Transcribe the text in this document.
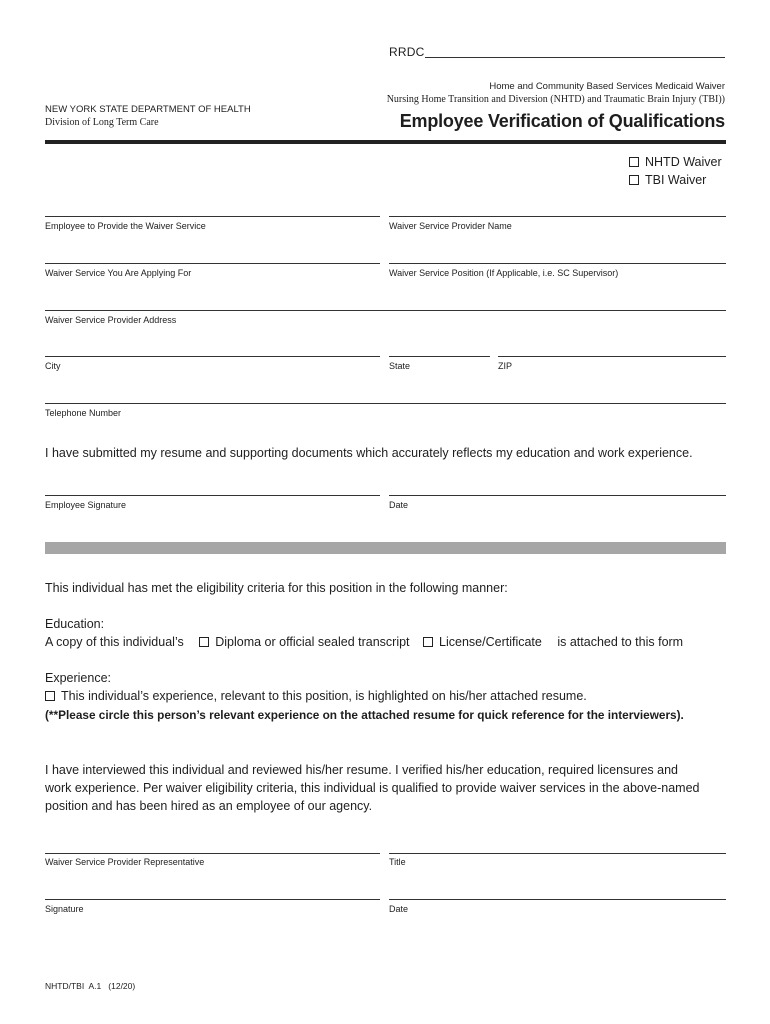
RRDC
Home and Community Based Services Medicaid Waiver
Nursing Home Transition and Diversion (NHTD) and Traumatic Brain Injury (TBI))
Employee Verification of Qualifications
NEW YORK STATE DEPARTMENT OF HEALTH
Division of Long Term Care
NHTD Waiver
TBI Waiver
Employee to Provide the Waiver Service	Waiver Service Provider Name
Waiver Service You Are Applying For	Waiver Service Position (If Applicable, i.e. SC Supervisor)
Waiver Service Provider Address
City	State	ZIP
Telephone Number
I have submitted my resume and supporting documents which accurately reflects my education and work experience.
Employee Signature	Date
This individual has met the eligibility criteria for this position in the following manner:
Education:
A copy of this individual’s	Diploma or official sealed transcript License/Certificate is attached to this form
Experience:
This individual’s experience, relevant to this position, is highlighted on his/her attached resume.
(**Please circle this person’s relevant experience on the attached resume for quick reference for the interviewers).
I have interviewed this individual and reviewed his/her resume. I verified his/her education, required licensures and
work experience. Per waiver eligibility criteria, this individual is qualified to provide waiver services in the above-named
position and has been hired as an employee of our agency.
Waiver Service Provider Representative	Title
Signature	Date
NHTD/TBI  A.1   (12/20)
